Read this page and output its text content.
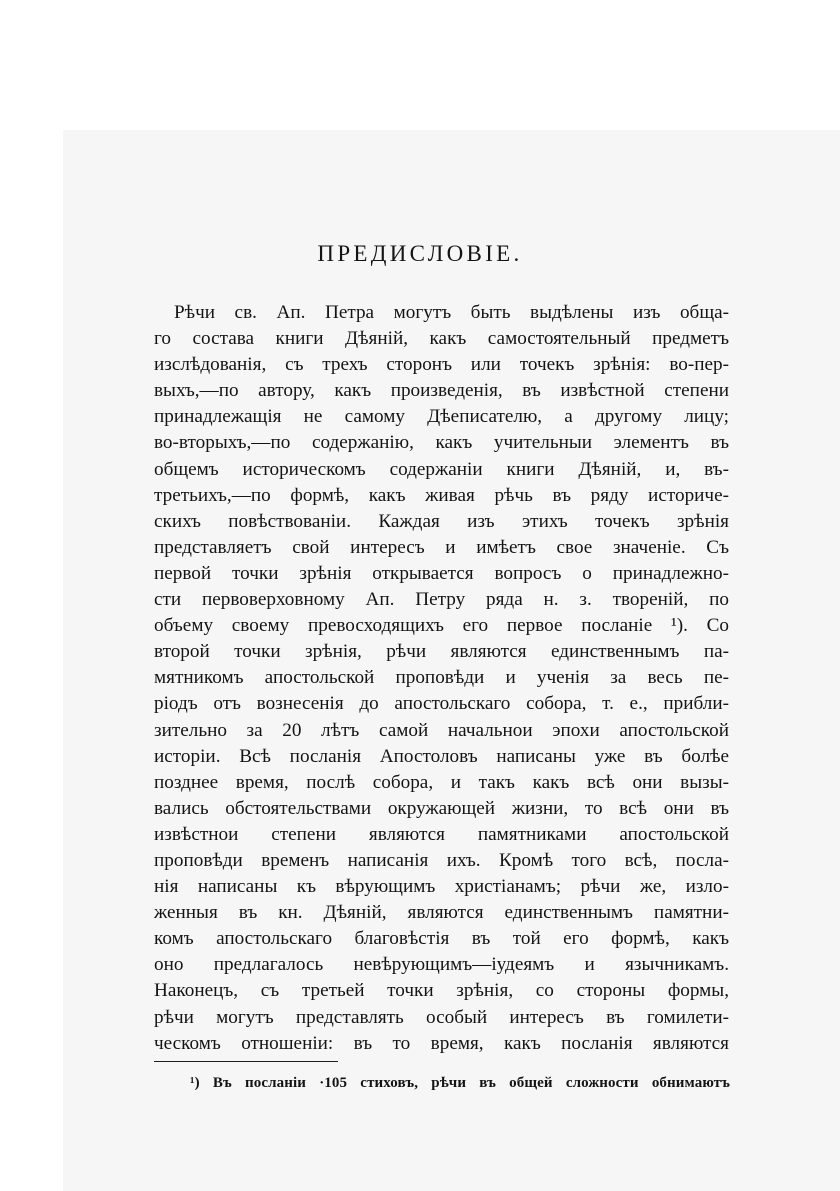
ПРЕДИСЛОВІЕ.
Рѣчи св. Ап. Петра могутъ быть выдѣлены изъ обща-
го состава книги Дѣяній, какъ самостоятельный предметъ
изслѣдованія, съ трехъ сторонъ или точекъ зрѣнія: во-пер-
выхъ,—по автору, какъ произведенія, въ извѣстной степени
принадлежащія не самому Дѣеписателю, а другому лицу;
во-вторыхъ,—по содержанію, какъ учительныи элементъ въ
общемъ историческомъ содержаніи книги Дѣяній, и, въ-
третьихъ,—по формѣ, какъ живая рѣчь въ ряду историче-
скихъ повѣствованіи. Каждая изъ этихъ точекъ зрѣнія
представляетъ свой интересъ и имѣетъ свое значеніе. Съ
первой точки зрѣнія открывается вопросъ о принадлежно-
сти первоверховному Ап. Петру ряда н. з. твореній, по
объему своему превосходящихъ его первое посланіе ¹). Со
второй точки зрѣнія, рѣчи являются единственнымъ па-
мятникомъ апостольской проповѣди и ученія за весь пе-
ріодъ отъ вознесенія до апостольскаго собора, т. е., прибли-
зительно за 20 лѣтъ самой начальнои эпохи апостольской
исторіи. Всѣ посланія Апостоловъ написаны уже въ болѣе
позднее время, послѣ собора, и такъ какъ всѣ они вызы-
вались обстоятельствами окружающей жизни, то всѣ они въ
извѣстнои степени являются памятниками апостольской
проповѣди временъ написанія ихъ. Кромѣ того всѣ, посла-
нія написаны къ вѣрующимъ христіанамъ; рѣчи же, изло-
женныя въ кн. Дѣяній, являются единственнымъ памятни-
комъ апостольскаго благовѣстія въ той его формѣ, какъ
оно предлагалось невѣрующимъ—іудеямъ и язычникамъ.
Наконецъ, съ третьей точки зрѣнія, со стороны формы,
рѣчи могутъ представлять особый интересъ въ гомилети-
ческомъ отношеніи: въ то время, какъ посланія являются
¹) Въ посланіи ·105 стиховъ, рѣчи въ общей сложности обнимаютъ
